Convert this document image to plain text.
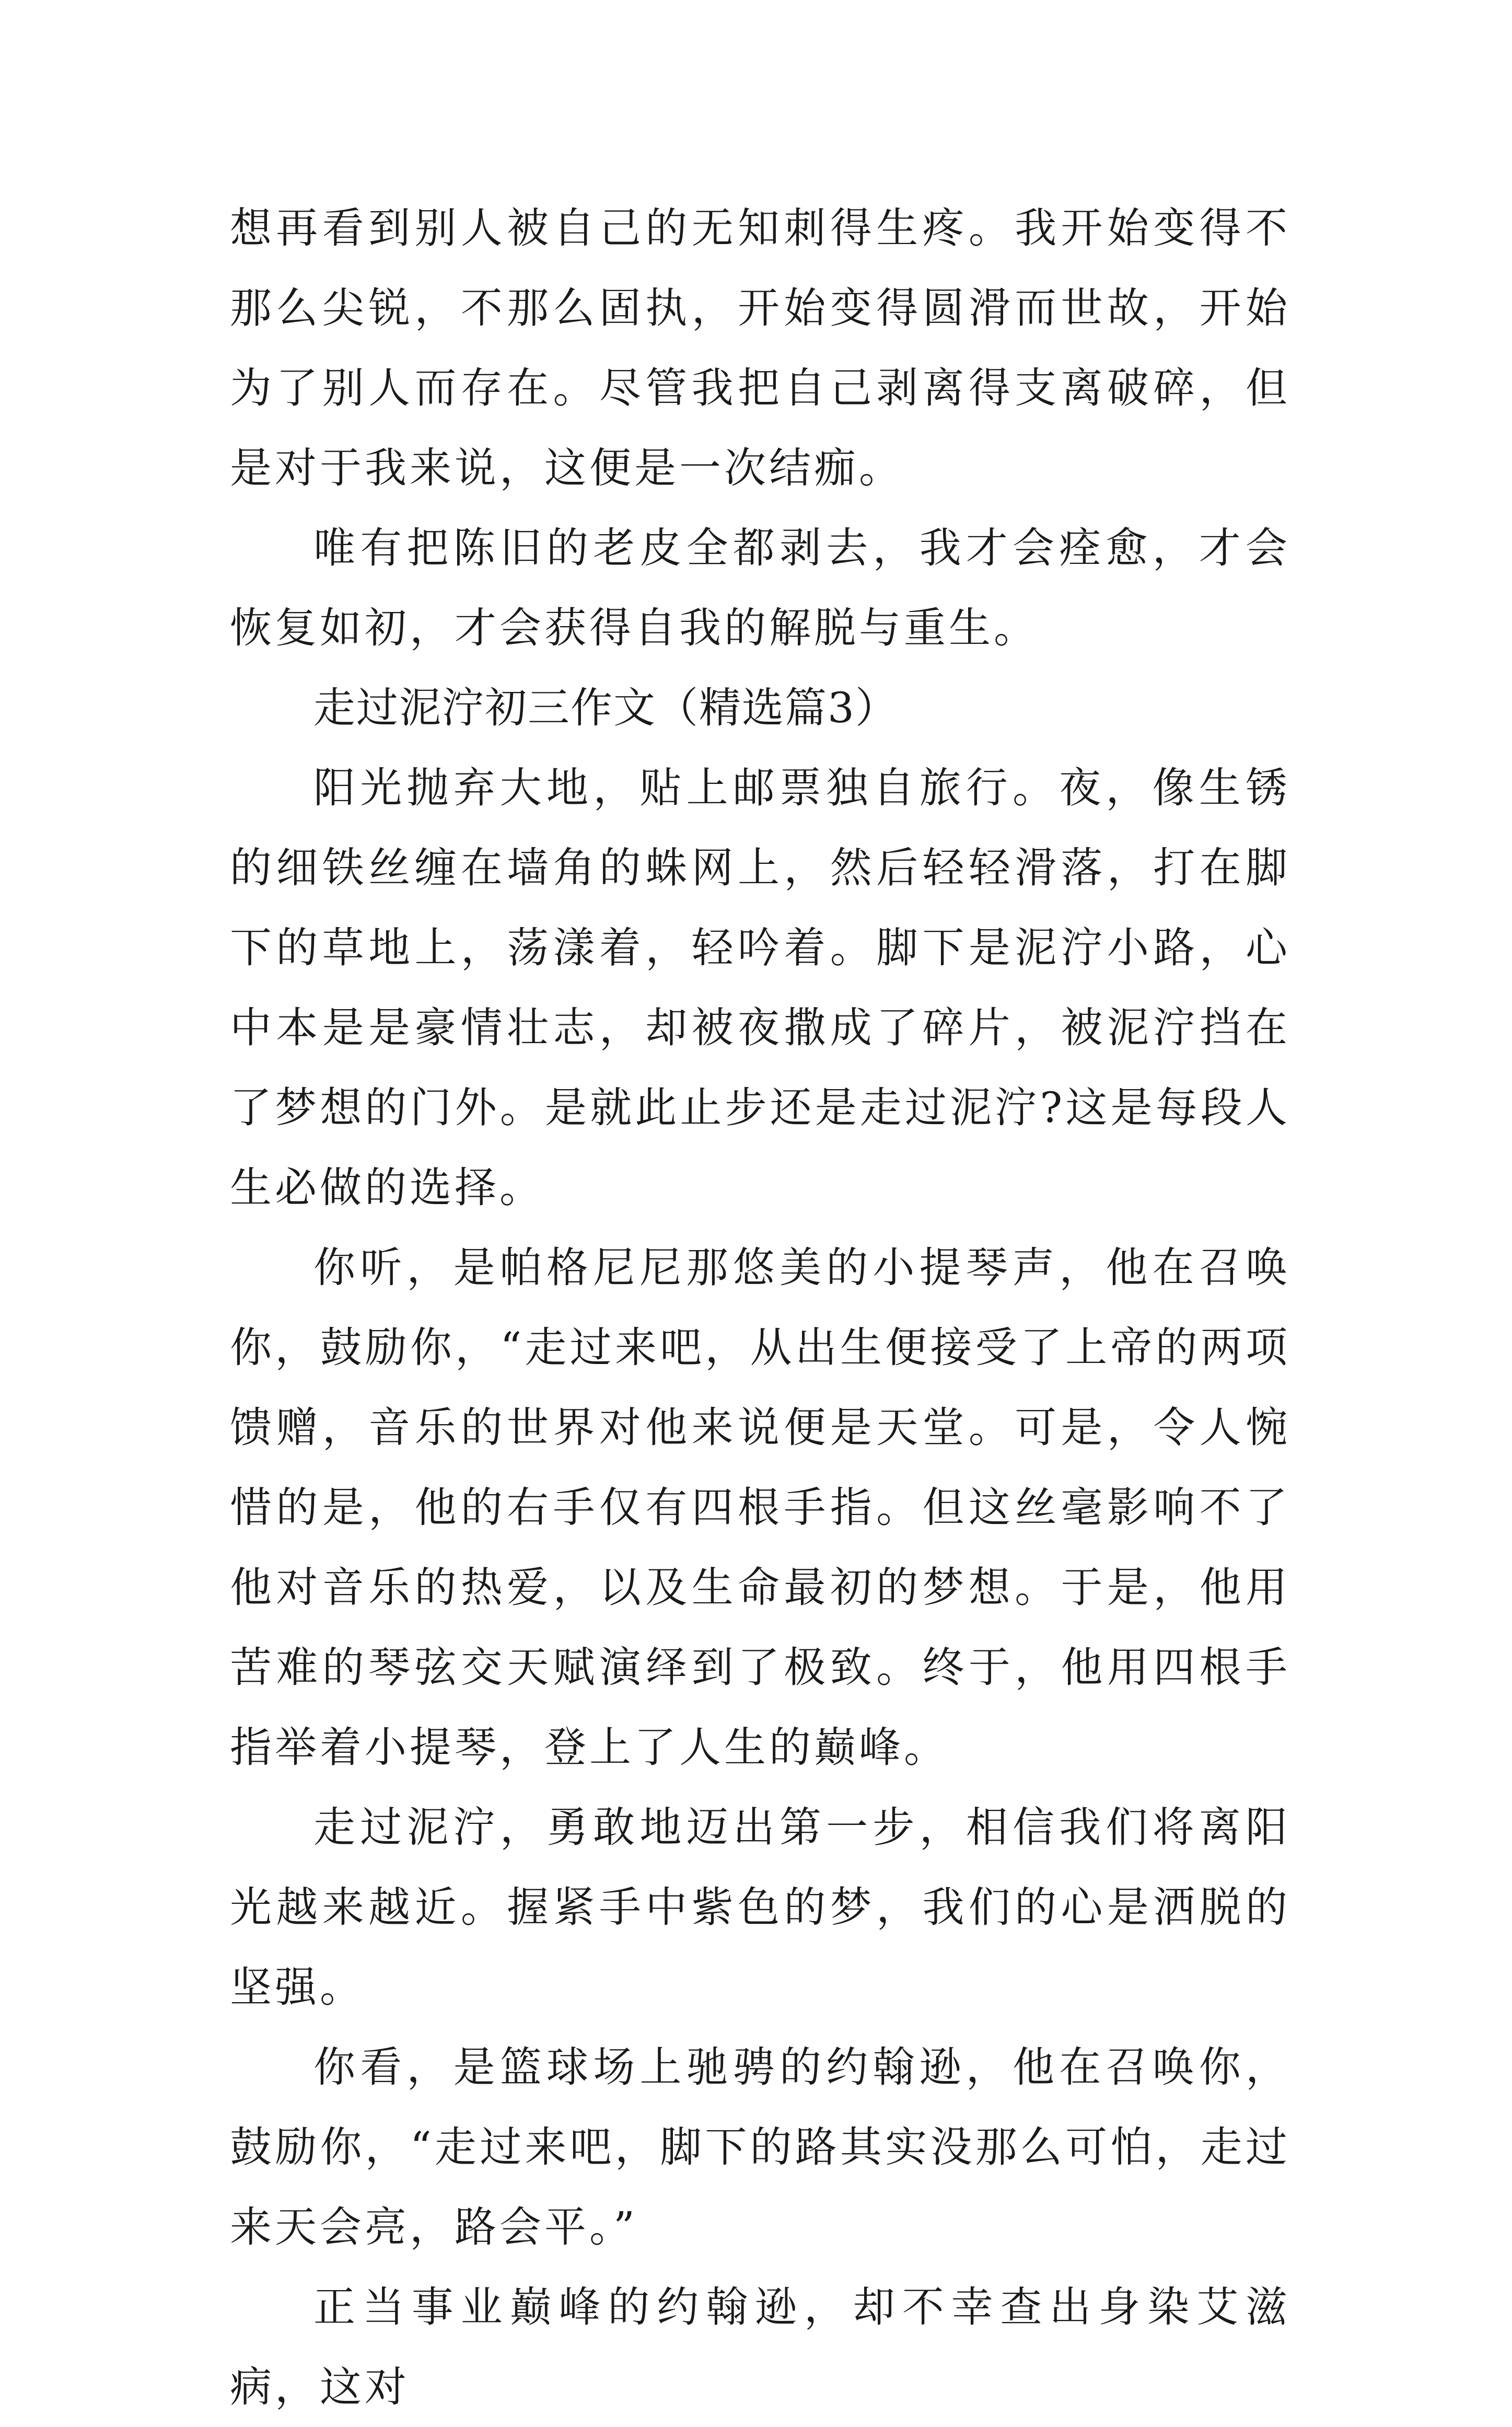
想再看到别人被自己的无知刺得生疼。我开始变得不那么尖锐，不那么固执，开始变得圆滑而世故，开始为了别人而存在。尽管我把自己剥离得支离破碎，但是对于我来说，这便是一次结痂。

唯有把陈旧的老皮全都剥去，我才会痊愈，才会恢复如初，才会获得自我的解脱与重生。

走过泥泞初三作文（精选篇3）

阳光抛弃大地，贴上邮票独自旅行。夜，像生锈的细铁丝缠在墙角的蛛网上，然后轻轻滑落，打在脚下的草地上，荡漾着，轻吟着。脚下是泥泞小路，心中本是是豪情壮志，却被夜撒成了碎片，被泥泞挡在了梦想的门外。是就此止步还是走过泥泞?这是每段人生必做的选择。

你听，是帕格尼尼那悠美的小提琴声，他在召唤你，鼓励你，“走过来吧，从出生便接受了上帝的两项馈赠，音乐的世界对他来说便是天堂。可是，令人惋惜的是，他的右手仅有四根手指。但这丝毫影响不了他对音乐的热爱，以及生命最初的梦想。于是，他用苦难的琴弦交天赋演绎到了极致。终于，他用四根手指举着小提琴，登上了人生的巅峰。

走过泥泞，勇敢地迈出第一步，相信我们将离阳光越来越近。握紧手中紫色的梦，我们的心是洒脱的坚强。

你看，是篮球场上驰骋的约翰逊，他在召唤你，鼓励你，“走过来吧，脚下的路其实没那么可怕，走过来天会亮，路会平。”

正当事业巅峰的约翰逊，却不幸查出身染艾滋病，这对
